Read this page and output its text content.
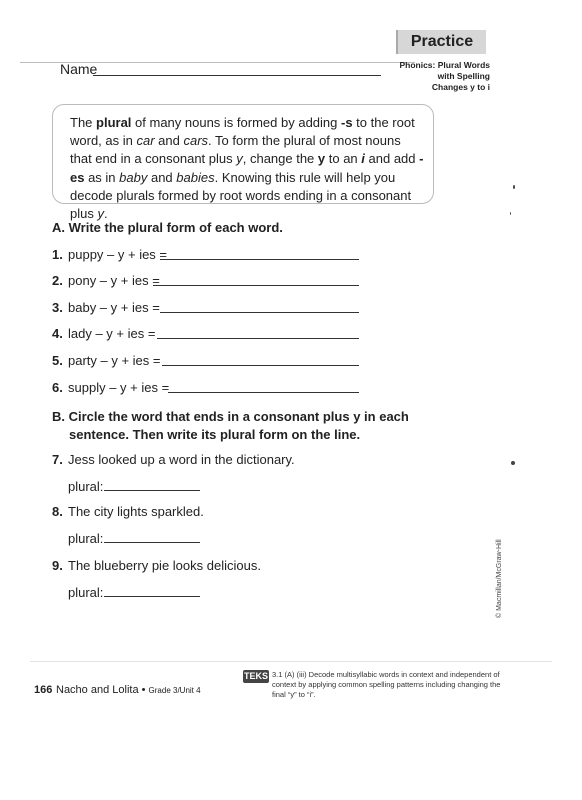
Practice
Phonics: Plural Words
with Spelling
Changes y to i
Name
The plural of many nouns is formed by adding -s to the root word, as in car and cars. To form the plural of most nouns that end in a consonant plus y, change the y to an i and add -es as in baby and babies. Knowing this rule will help you decode plurals formed by root words ending in a consonant plus y.
A. Write the plural form of each word.
1. puppy – y + ies =
2. pony – y + ies =
3. baby – y + ies =
4. lady – y + ies =
5. party – y + ies =
6. supply – y + ies =
B. Circle the word that ends in a consonant plus y in each
sentence. Then write its plural form on the line.
7. Jess looked up a word in the dictionary.
plural:
8. The city lights sparkled.
plural:
9. The blueberry pie looks delicious.
plural:
166 Nacho and Lolita • Grade 3/Unit 4
TEKS 3.1 (A) (iii) Decode multisyllabic words in context and independent of context by applying common spelling patterns including changing the final “y” to “i”.
© Macmillan/McGraw-Hill
